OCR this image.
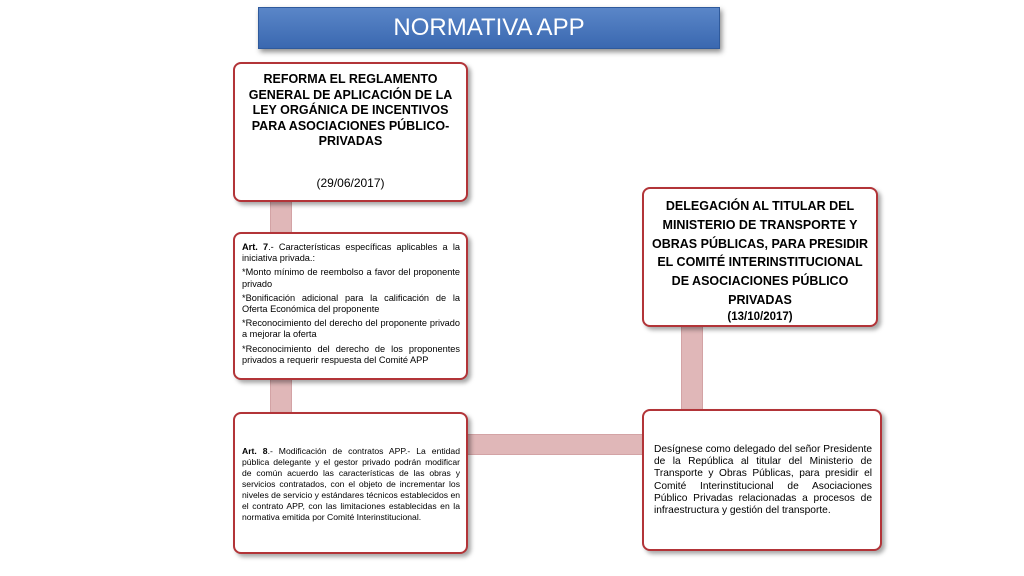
NORMATIVA APP
REFORMA EL REGLAMENTO GENERAL DE APLICACIÓN DE LA LEY ORGÁNICA DE INCENTIVOS PARA ASOCIACIONES PÚBLICO-PRIVADAS
(29/06/2017)

Art. 7.- Características específicas aplicables a la iniciativa privada.:

*Monto mínimo de reembolso a favor del proponente privado

*Bonificación adicional para la calificación de la Oferta Económica del proponente

*Reconocimiento del derecho del proponente privado a mejorar la oferta

*Reconocimiento del derecho de los proponentes privados a requerir respuesta del Comité APP

Art. 8.- Modificación de contratos APP.- La entidad pública delegante y el gestor privado podrán modificar de común acuerdo las características de las obras y servicios contratados, con el objeto de incrementar los niveles de servicio y estándares técnicos establecidos en el contrato APP, con las limitaciones establecidas en la normativa emitida por Comité Interinstitucional.
DELEGACIÓN AL TITULAR DEL MINISTERIO DE TRANSPORTE Y OBRAS PÚBLICAS, PARA PRESIDIR EL COMITÉ INTERINSTITUCIONAL DE ASOCIACIONES PÚBLICO PRIVADAS
(13/10/2017)
Desígnese como delegado del señor Presidente de la República al titular del Ministerio de Transporte y Obras Públicas, para presidir el Comité Interinstitucional de Asociaciones Público Privadas relacionadas a procesos de infraestructura y gestión del transporte.
